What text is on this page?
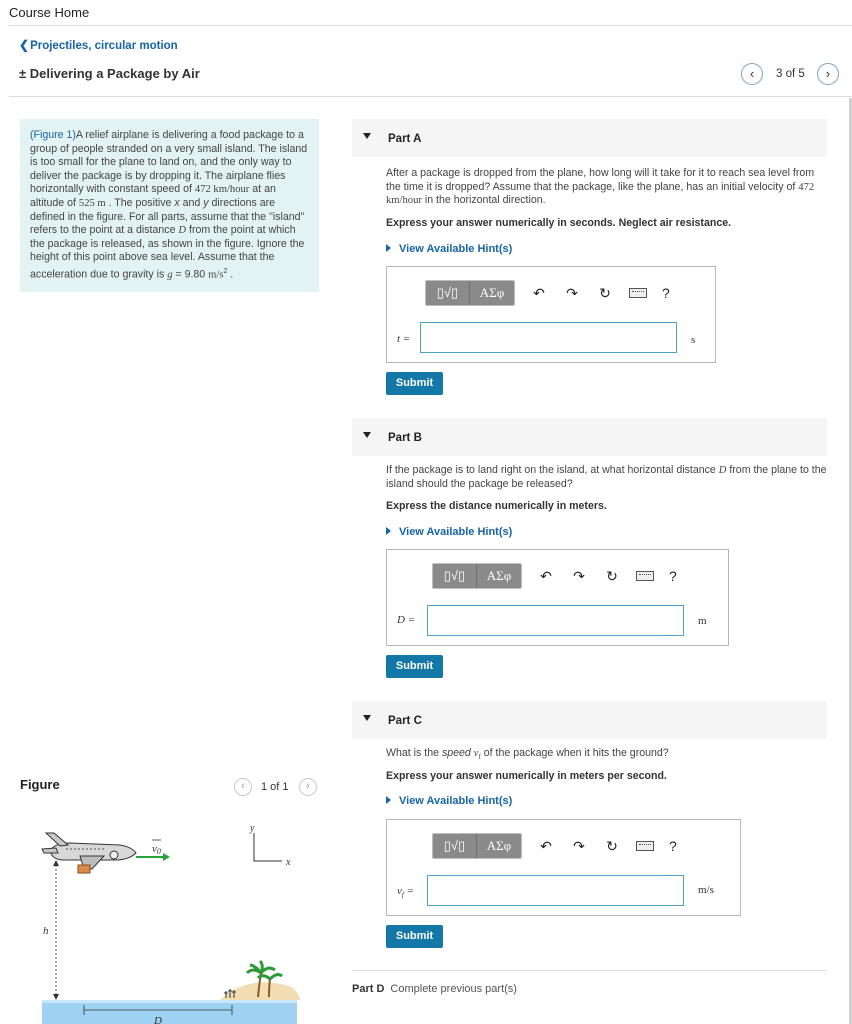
Course Home
❮Projectiles, circular motion
± Delivering a Package by Air	‹	3 of 5	›
(Figure 1)A relief airplane is delivering a food package to a group of people stranded on a very small island. The island is too small for the plane to land on, and the only way to deliver the package is by dropping it. The airplane flies horizontally with constant speed of 472 km/hour at an altitude of 525 m . The positive x and y directions are defined in the figure. For all parts, assume that the "island" refers to the point at a distance D from the point at which the package is released, as shown in the figure. Ignore the height of this point above sea level. Assume that the acceleration due to gravity is g = 9.80 $m/s^2$ .
Figure	‹	1 of 1	›
v0
y
x
h
D
Part A
After a package is dropped from the plane, how long will it take for it to reach sea level from the time it is dropped? Assume that the package, like the plane, has an initial velocity of 472 km/hour in the horizontal direction.
Express your answer numerically in seconds. Neglect air resistance.
View Available Hint(s)
▯√▯	ΑΣφ	↶ ↷ ↻	?
t =	s
Submit
Part B
If the package is to land right on the island, at what horizontal distance D from the plane to the island should the package be released?
Express the distance numerically in meters.
View Available Hint(s)
▯√▯	ΑΣφ	↶ ↷ ↻	?
D =	m
Submit
Part C
What is the speed $v_f$ of the package when it hits the ground?
Express your answer numerically in meters per second.
View Available Hint(s)
▯√▯	ΑΣφ	↶ ↷ ↻	?
$v_f$ =	m/s
Submit
Part D Complete previous part(s)
